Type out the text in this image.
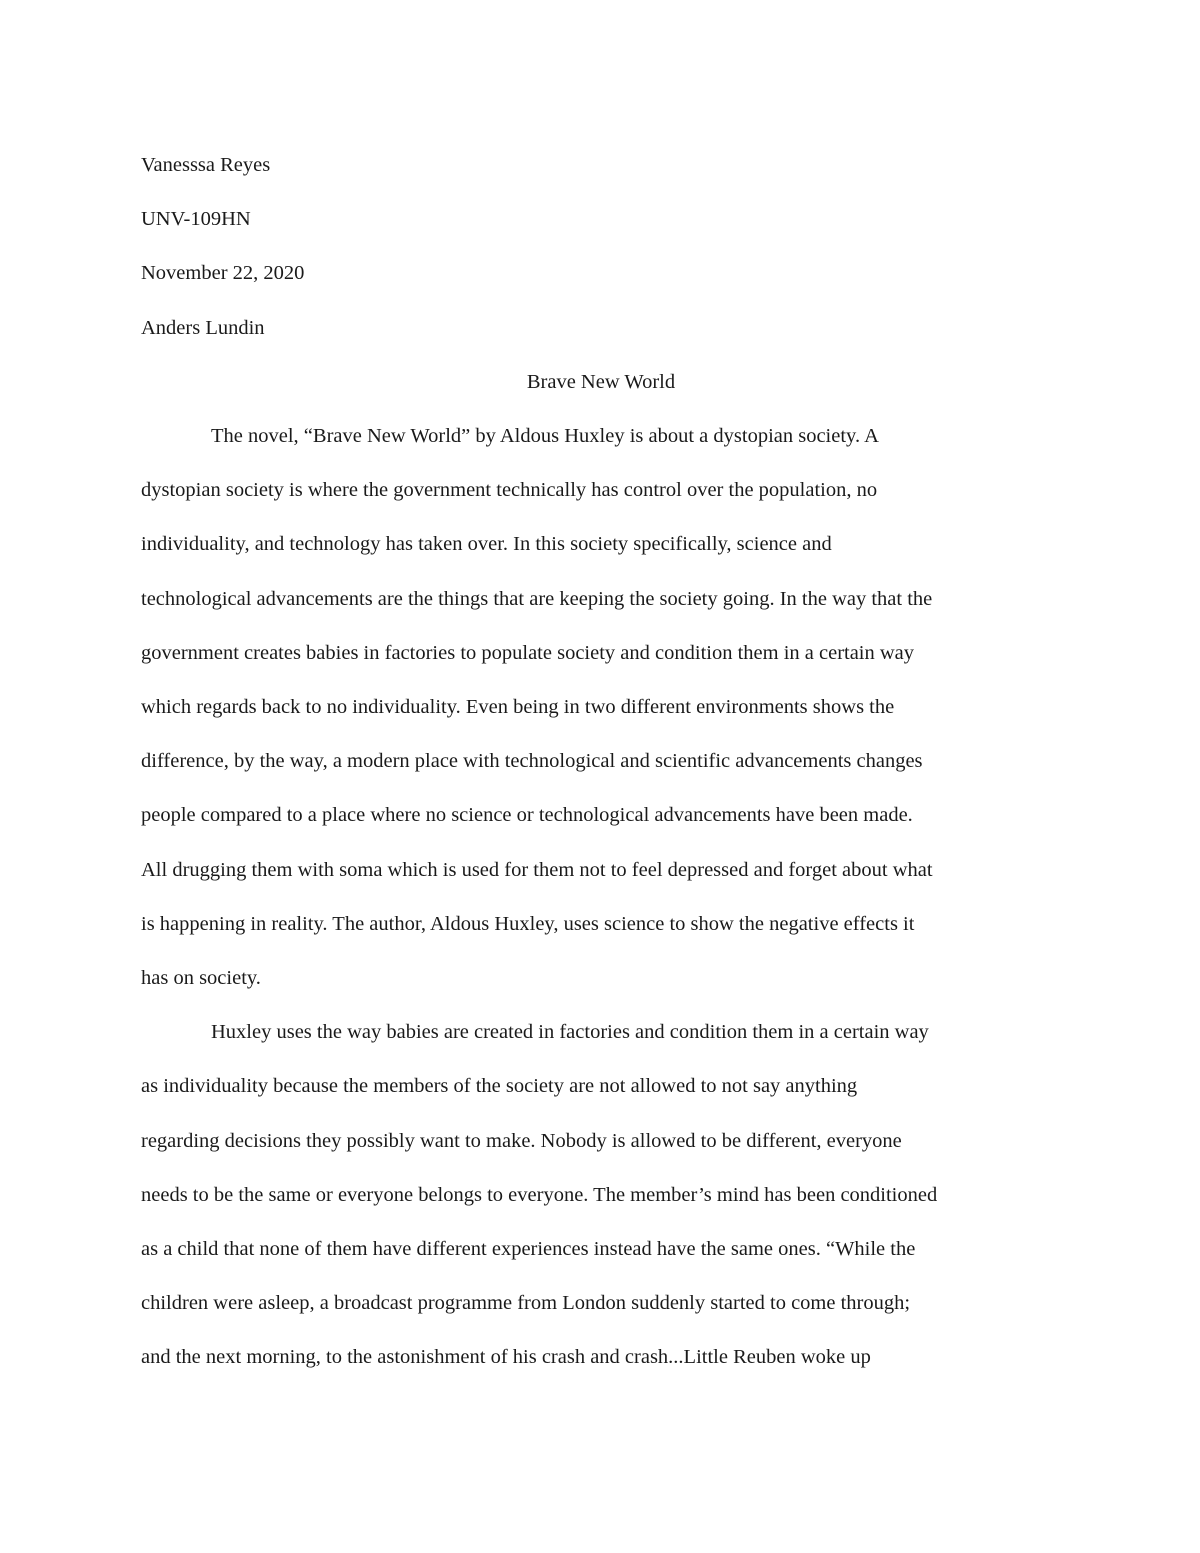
Vanesssa Reyes

UNV-109HN

November 22, 2020

Anders Lundin

Brave New World

The novel, “Brave New World” by Aldous Huxley is about a dystopian society. A
dystopian society is where the government technically has control over the population, no
individuality, and technology has taken over. In this society specifically, science and
technological advancements are the things that are keeping the society going. In the way that the
government creates babies in factories to populate society and condition them in a certain way
which regards back to no individuality. Even being in two different environments shows the
difference, by the way, a modern place with technological and scientific advancements changes
people compared to a place where no science or technological advancements have been made.
All drugging them with soma which is used for them not to feel depressed and forget about what
is happening in reality. The author, Aldous Huxley, uses science to show the negative effects it
has on society.
Huxley uses the way babies are created in factories and condition them in a certain way
as individuality because the members of the society are not allowed to not say anything
regarding decisions they possibly want to make. Nobody is allowed to be different, everyone
needs to be the same or everyone belongs to everyone. The member’s mind has been conditioned
as a child that none of them have different experiences instead have the same ones. “While the
children were asleep, a broadcast programme from London suddenly started to come through;
and the next morning, to the astonishment of his crash and crash...Little Reuben woke up
